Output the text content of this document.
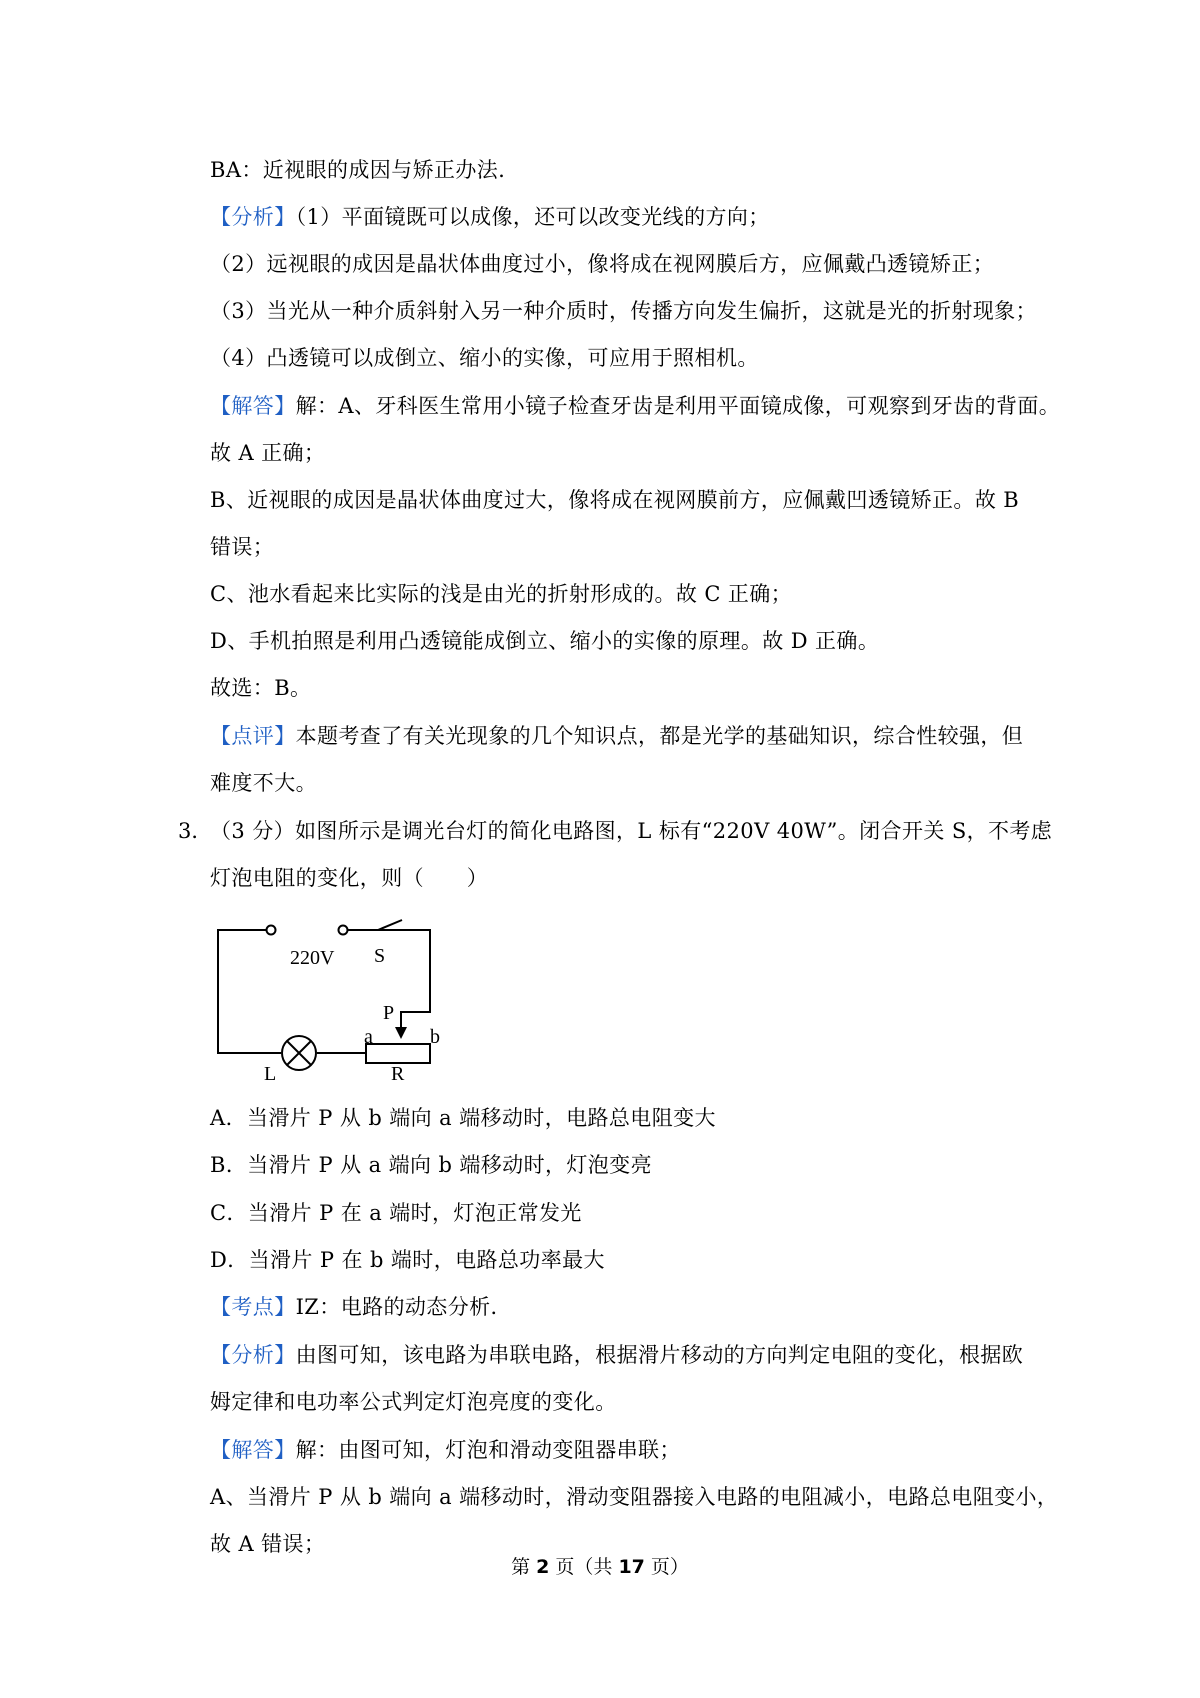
BA：近视眼的成因与矫正办法．
【分析】（1）平面镜既可以成像，还可以改变光线的方向；
（2）远视眼的成因是晶状体曲度过小，像将成在视网膜后方，应佩戴凸透镜矫正；
（3）当光从一种介质斜射入另一种介质时，传播方向发生偏折，这就是光的折射现象；
（4）凸透镜可以成倒立、缩小的实像，可应用于照相机。
【解答】解：A、牙科医生常用小镜子检查牙齿是利用平面镜成像，可观察到牙齿的背面。
故 A 正确；
B、近视眼的成因是晶状体曲度过大，像将成在视网膜前方，应佩戴凹透镜矫正。故 B
错误；
C、池水看起来比实际的浅是由光的折射形成的。故 C 正确；
D、手机拍照是利用凸透镜能成倒立、缩小的实像的原理。故 D 正确。
故选：B。
【点评】本题考查了有关光现象的几个知识点，都是光学的基础知识，综合性较强，但
难度不大。
3．
（3 分）如图所示是调光台灯的简化电路图，L 标有“220V 40W”。闭合开关 S，不考虑
灯泡电阻的变化，则（　　）
220V S
P
a	b
L	R
A．当滑片 P 从 b 端向 a 端移动时，电路总电阻变大
B．当滑片 P 从 a 端向 b 端移动时，灯泡变亮
C．当滑片 P 在 a 端时，灯泡正常发光
D．当滑片 P 在 b 端时，电路总功率最大
【考点】IZ：电路的动态分析．
【分析】由图可知，该电路为串联电路，根据滑片移动的方向判定电阻的变化，根据欧
姆定律和电功率公式判定灯泡亮度的变化。
【解答】解：由图可知，灯泡和滑动变阻器串联；
A、当滑片 P 从 b 端向 a 端移动时，滑动变阻器接入电路的电阻减小，电路总电阻变小，
故 A 错误；
第 2 页（共 17 页）
